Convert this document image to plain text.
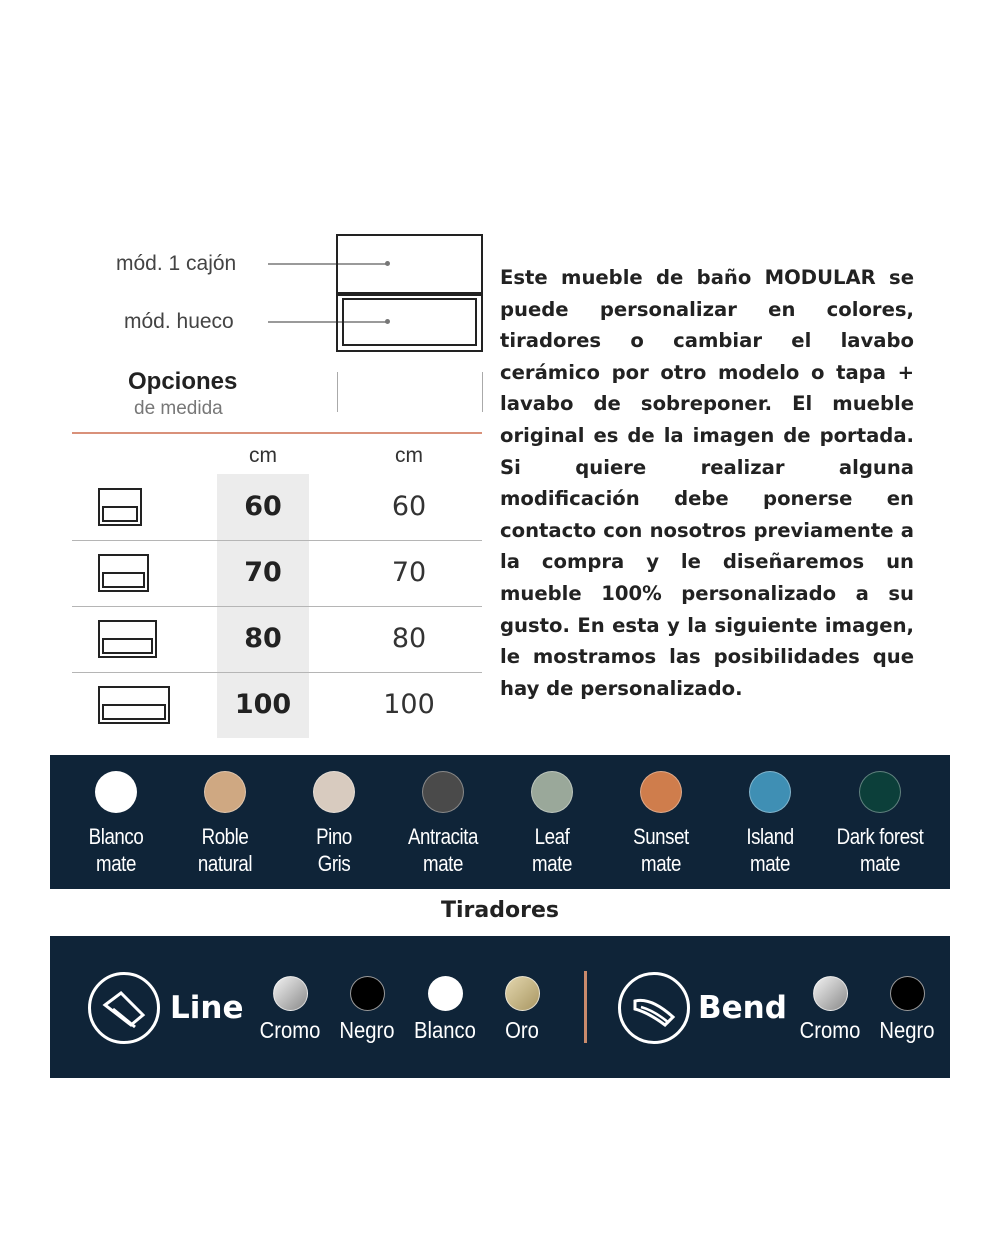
mód. 1 cajón
mód. hueco
Opciones
de medida
cm	cm
60	60
70	70
80	80
100	100
Este mueble de baño MODULAR se puede personalizar en colores, tiradores o cambiar el lavabo cerámico por otro modelo o tapa + lavabo de sobreponer. El mueble original es de la imagen de portada. Si quiere realizar alguna modificación debe ponerse en contacto con nosotros previamente a la compra y le diseñaremos un mueble 100% personalizado a su gusto. En esta y la siguiente imagen, le mostramos las posibilidades que hay de personalizado.
Blanco
mate
Roble
natural
Pino
Gris
Antracita
mate
Leaf
mate
Sunset
mate
Island
mate
Dark forest
mate
Tiradores
Line
Cromo Negro Blanco	Oro
Bend
Cromo Negro
